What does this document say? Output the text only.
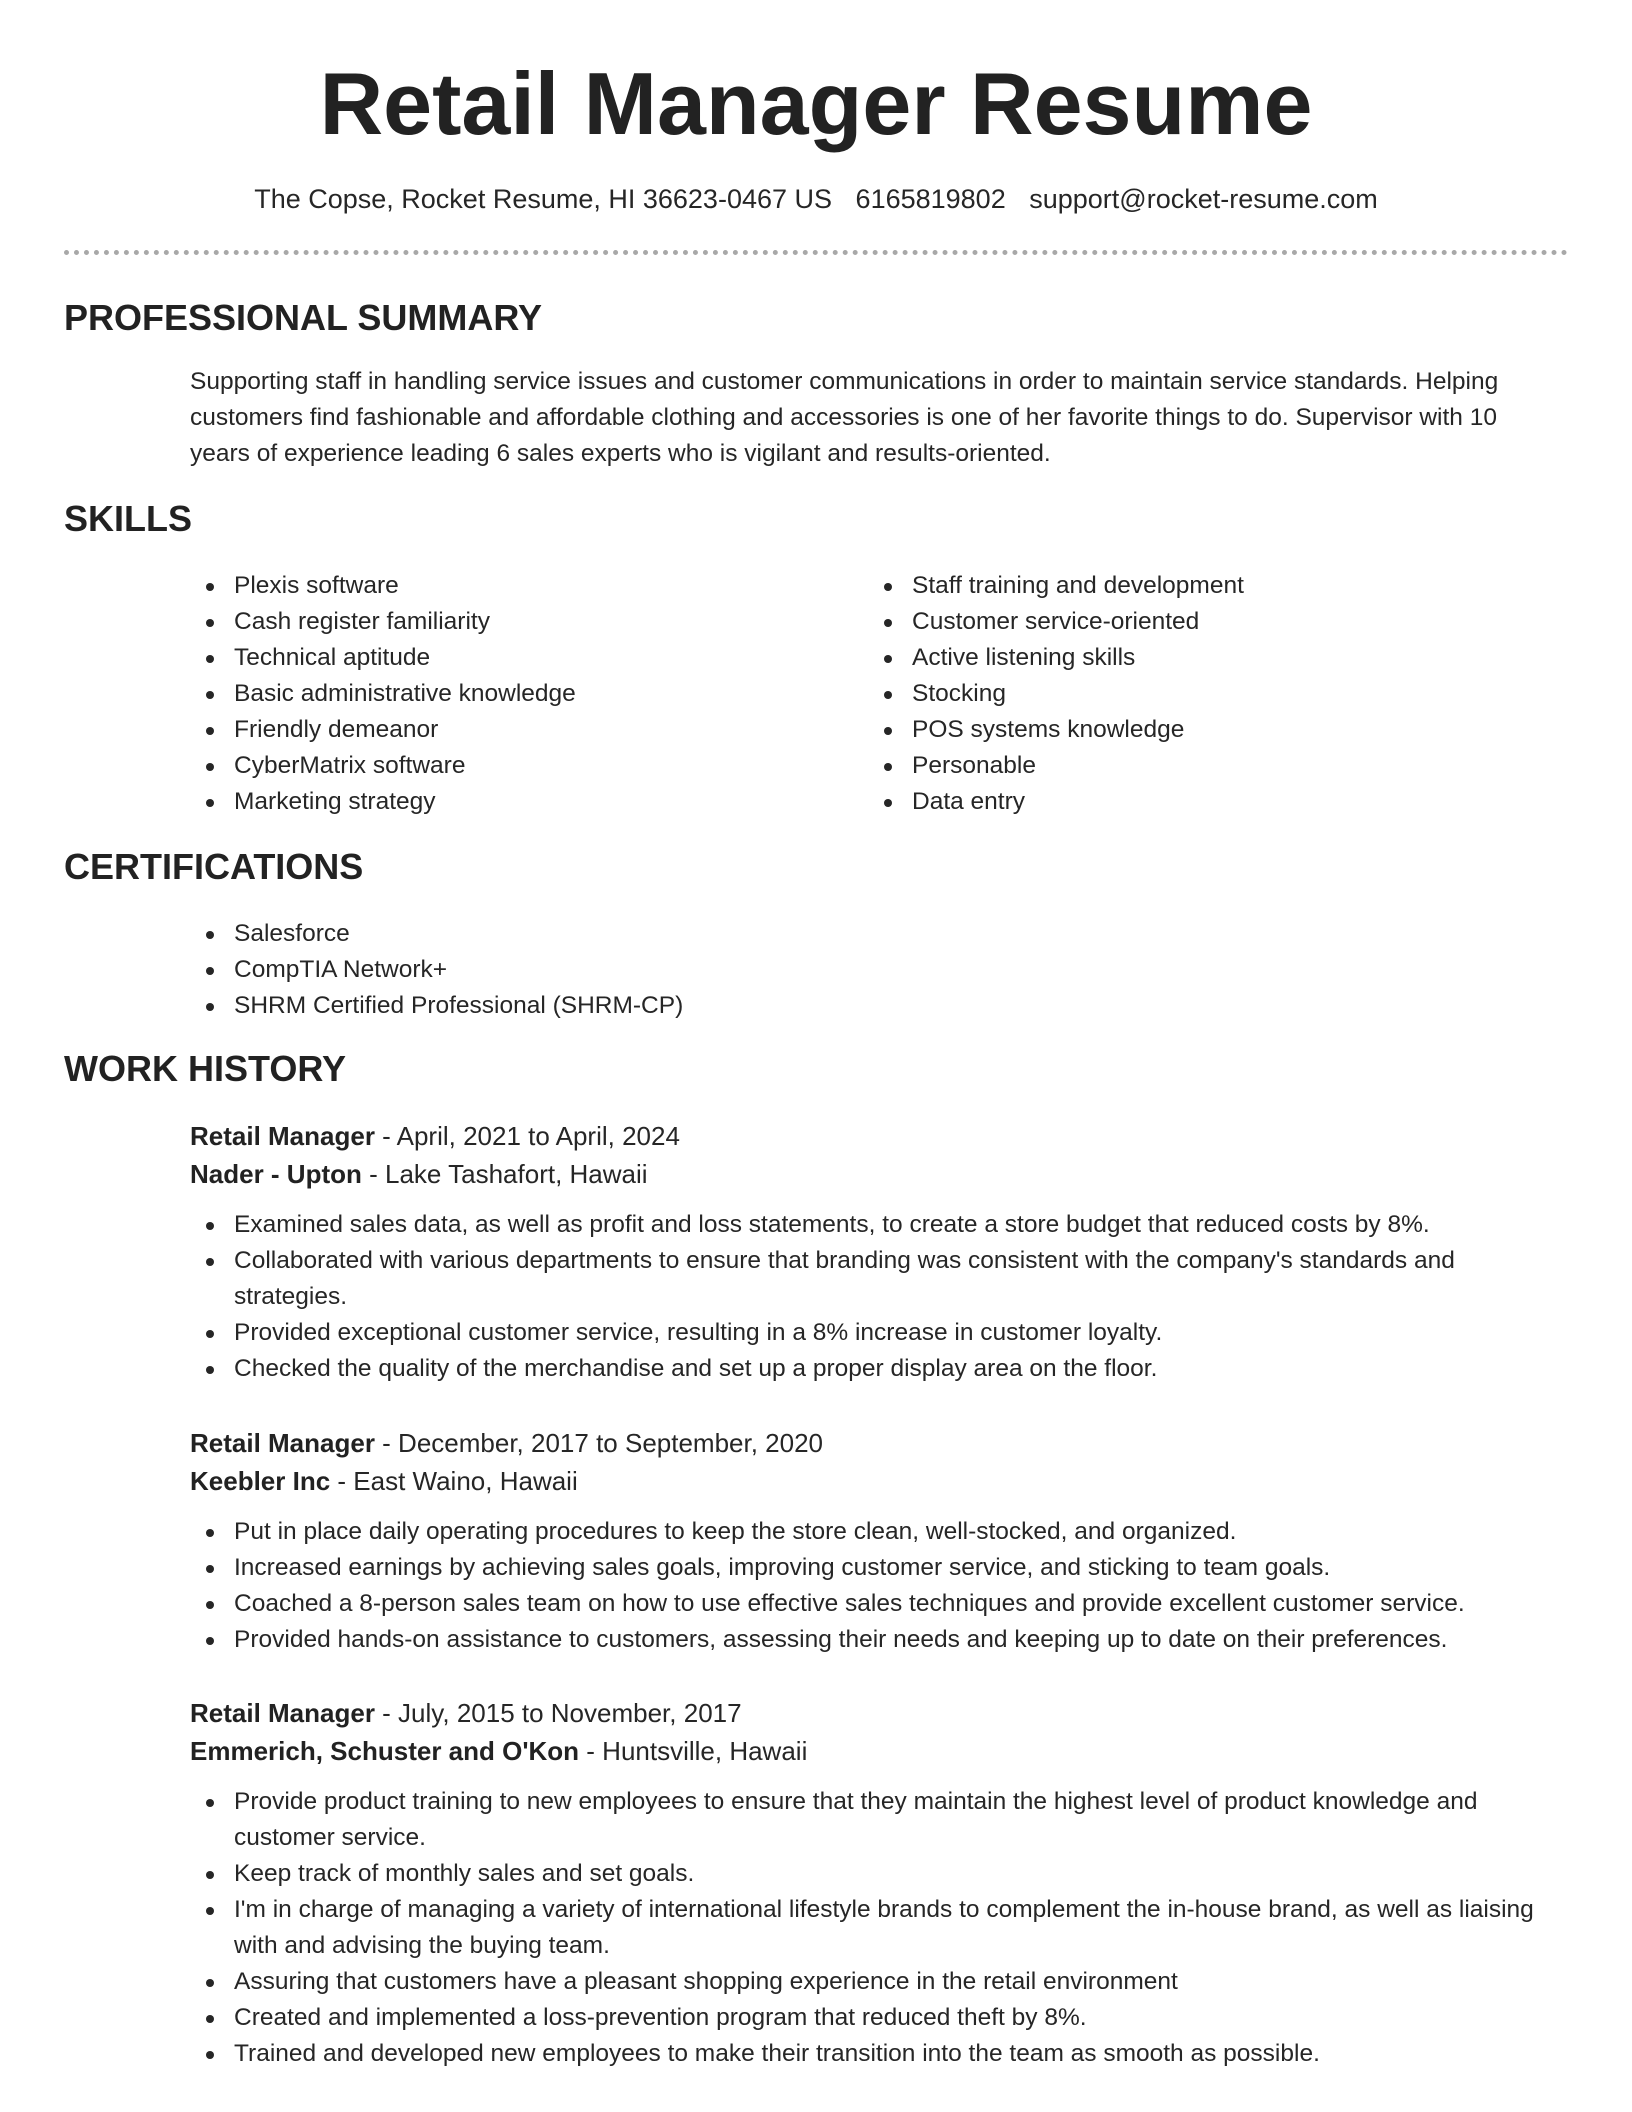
Retail Manager Resume
The Copse, Rocket Resume, HI 36623-0467 US 6165819802 support@rocket-resume.com
PROFESSIONAL SUMMARY

Supporting staff in handling service issues and customer communications in order to maintain service standards. Helping customers find fashionable and affordable clothing and accessories is one of her favorite things to do. Supervisor with 10 years of experience leading 6 sales experts who is vigilant and results-oriented.

SKILLS
Plexis software
Cash register familiarity
Technical aptitude
Basic administrative knowledge
Friendly demeanor
CyberMatrix software
Marketing strategy
Staff training and development
Customer service-oriented
Active listening skills
Stocking
POS systems knowledge
Personable
Data entry
CERTIFICATIONS
Salesforce
CompTIA Network+
SHRM Certified Professional (SHRM-CP)
WORK HISTORY

Retail Manager - April, 2021 to April, 2024

Nader - Upton - Lake Tashafort, Hawaii

Examined sales data, as well as profit and loss statements, to create a store budget that reduced costs by 8%.
Collaborated with various departments to ensure that branding was consistent with the company's standards and strategies.
Provided exceptional customer service, resulting in a 8% increase in customer loyalty.
Checked the quality of the merchandise and set up a proper display area on the floor.

Retail Manager - December, 2017 to September, 2020

Keebler Inc - East Waino, Hawaii

Put in place daily operating procedures to keep the store clean, well-stocked, and organized.
Increased earnings by achieving sales goals, improving customer service, and sticking to team goals.
Coached a 8-person sales team on how to use effective sales techniques and provide excellent customer service.
Provided hands-on assistance to customers, assessing their needs and keeping up to date on their preferences.

Retail Manager - July, 2015 to November, 2017

Emmerich, Schuster and O'Kon - Huntsville, Hawaii

Provide product training to new employees to ensure that they maintain the highest level of product knowledge and customer service.
Keep track of monthly sales and set goals.
I'm in charge of managing a variety of international lifestyle brands to complement the in-house brand, as well as liaising with and advising the buying team.
Assuring that customers have a pleasant shopping experience in the retail environment
Created and implemented a loss-prevention program that reduced theft by 8%.
Trained and developed new employees to make their transition into the team as smooth as possible.
